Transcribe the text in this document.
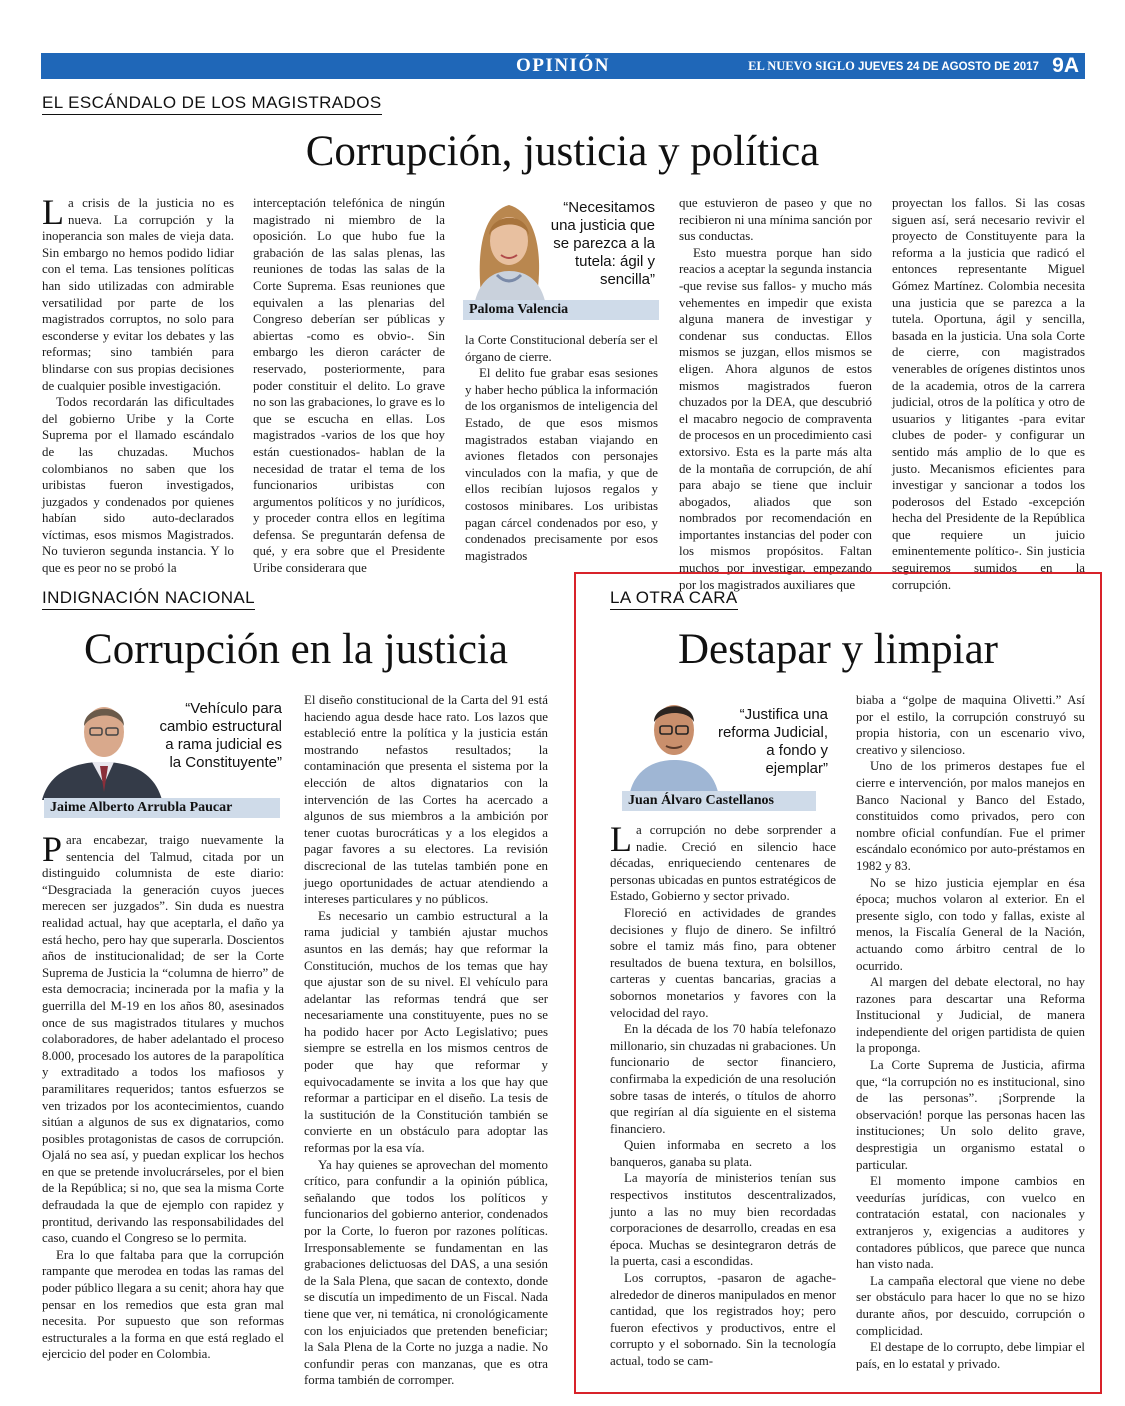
OPINIÓN	EL NUEVO SIGLO JUEVES 24 DE AGOSTO DE 2017 9A
EL ESCÁNDALO DE LOS MAGISTRADOS
Corrupción, justicia y política

La crisis de la justicia no es nueva. La corrupción y la inoperancia son males de vieja data. Sin embargo no hemos podido lidiar con el tema. Las tensiones políticas han sido utilizadas con admirable versatilidad por parte de los magistrados corruptos, no solo para esconderse y evitar los debates y las reformas; sino también para blindarse con sus propias decisiones de cualquier posible investigación.

Todos recordarán las dificultades del gobierno Uribe y la Corte Suprema por el llamado escándalo de las chuzadas. Muchos colombianos no saben que los uribistas fueron investigados, juzgados y condenados por quienes habían sido auto-declarados víctimas, esos mismos Magistrados. No tuvieron segunda instancia. Y lo que es peor no se probó la

interceptación telefónica de ningún magistrado ni miembro de la oposición. Lo que hubo fue la grabación de las salas plenas, las reuniones de todas las salas de la Corte Suprema. Esas reuniones que equivalen a las plenarias del Congreso deberían ser públicas y abiertas -como es obvio-. Sin embargo les dieron carácter de reservado, posteriormente, para poder constituir el delito. Lo grave no son las grabaciones, lo grave es lo que se escucha en ellas. Los magistrados -varios de los que hoy están cuestionados- hablan de la necesidad de tratar el tema de los funcionarios uribistas con argumentos políticos y no jurídicos, y proceder contra ellos en legítima defensa. Se preguntarán defensa de qué, y era sobre que el Presidente Uribe considerara que

“Necesitamos una justicia que se parezca a la tutela: ágil y sencilla”
Paloma Valencia

la Corte Constitucional debería ser el órgano de cierre.

El delito fue grabar esas sesiones y haber hecho pública la información de los organismos de inteligencia del Estado, de que esos mismos magistrados estaban viajando en aviones fletados con personajes vinculados con la mafia, y que de ellos recibían lujosos regalos y costosos minibares. Los uribistas pagan cárcel condenados por eso, y condenados precisamente por esos magistrados

que estuvieron de paseo y que no recibieron ni una mínima sanción por sus conductas.

Esto muestra porque han sido reacios a aceptar la segunda instancia -que revise sus fallos- y mucho más vehementes en impedir que exista alguna manera de investigar y condenar sus conductas. Ellos mismos se juzgan, ellos mismos se eligen. Ahora algunos de estos mismos magistrados fueron chuzados por la DEA, que descubrió el macabro negocio de compraventa de procesos en un procedimiento casi extorsivo. Esta es la parte más alta de la montaña de corrupción, de ahí para abajo se tiene que incluir abogados, aliados que son nombrados por recomendación en importantes instancias del poder con los mismos propósitos. Faltan muchos por investigar, empezando por los magistrados auxiliares que

proyectan los fallos. Si las cosas siguen así, será necesario revivir el proyecto de Constituyente para la reforma a la justicia que radicó el entonces representante Miguel Gómez Martínez. Colombia necesita una justicia que se parezca a la tutela. Oportuna, ágil y sencilla, basada en la justicia. Una sola Corte de cierre, con magistrados venerables de orígenes distintos unos de la academia, otros de la carrera judicial, otros de la política y otro de usuarios y litigantes -para evitar clubes de poder- y configurar un sentido más amplio de lo que es justo. Mecanismos eficientes para investigar y sancionar a todos los poderosos del Estado -excepción hecha del Presidente de la República que requiere un juicio eminentemente político-. Sin justicia seguiremos sumidos en la corrupción.

INDIGNACIÓN NACIONAL
Corrupción en la justicia
“Vehículo para cambio estructural a rama judicial es la Constituyente”
Jaime Alberto Arrubla Paucar

Para encabezar, traigo nuevamente la sentencia del Talmud, citada por un distinguido columnista de este diario: “Desgraciada la generación cuyos jueces merecen ser juzgados”. Sin duda es nuestra realidad actual, hay que aceptarla, el daño ya está hecho, pero hay que superarla. Doscientos años de institucionalidad; de ser la Corte Suprema de Justicia la “columna de hierro” de esta democracia; incinerada por la mafia y la guerrilla del M-19 en los años 80, asesinados once de sus magistrados titulares y muchos colaboradores, de haber adelantado el proceso 8.000, procesado los autores de la parapolítica y extraditado a todos los mafiosos y paramilitares requeridos; tantos esfuerzos se ven trizados por los acontecimientos, cuando sitúan a algunos de sus ex dignatarios, como posibles protagonistas de casos de corrupción. Ojalá no sea así, y puedan explicar los hechos en que se pretende involucrárseles, por el bien de la República; si no, que sea la misma Corte defraudada la que de ejemplo con rapidez y prontitud, derivando las responsabilidades del caso, cuando el Congreso se lo permita.

Era lo que faltaba para que la corrupción rampante que merodea en todas las ramas del poder público llegara a su cenit; ahora hay que pensar en los remedios que esta gran mal necesita. Por supuesto que son reformas estructurales a la forma en que está reglado el ejercicio del poder en Colombia.

El diseño constitucional de la Carta del 91 está haciendo agua desde hace rato. Los lazos que estableció entre la política y la justicia están mostrando nefastos resultados; la contaminación que presenta el sistema por la elección de altos dignatarios con la intervención de las Cortes ha acercado a algunos de sus miembros a la ambición por tener cuotas burocráticas y a los elegidos a pagar favores a su electores. La revisión discrecional de las tutelas también pone en juego oportunidades de actuar atendiendo a intereses particulares y no públicos.

Es necesario un cambio estructural a la rama judicial y también ajustar muchos asuntos en las demás; hay que reformar la Constitución, muchos de los temas que hay que ajustar son de su nivel. El vehículo para adelantar las reformas tendrá que ser necesariamente una constituyente, pues no se ha podido hacer por Acto Legislativo; pues siempre se estrella en los mismos centros de poder que hay que reformar y equivocadamente se invita a los que hay que reformar a participar en el diseño. La tesis de la sustitución de la Constitución también se convierte en un obstáculo para adoptar las reformas por la esa vía.

Ya hay quienes se aprovechan del momento crítico, para confundir a la opinión pública, señalando que todos los políticos y funcionarios del gobierno anterior, condenados por la Corte, lo fueron por razones políticas. Irresponsablemente se fundamentan en las grabaciones delictuosas del DAS, a una sesión de la Sala Plena, que sacan de contexto, donde se discutía un impedimento de un Fiscal. Nada tiene que ver, ni temática, ni cronológicamente con los enjuiciados que pretenden beneficiar; la Sala Plena de la Corte no juzga a nadie. No confundir peras con manzanas, que es otra forma también de corromper.

LA OTRA CARA
Destapar y limpiar
“Justifica una reforma Judicial, a fondo y ejemplar”
Juan Álvaro Castellanos

La corrupción no debe sorprender a nadie. Creció en silencio hace décadas, enriqueciendo centenares de personas ubicadas en puntos estratégicos de Estado, Gobierno y sector privado.

Floreció en actividades de grandes decisiones y flujo de dinero. Se infiltró sobre el tamiz más fino, para obtener resultados de buena textura, en bolsillos, carteras y cuentas bancarias, gracias a sobornos monetarios y favores con la velocidad del rayo.

En la década de los 70 había telefonazo millonario, sin chuzadas ni grabaciones. Un funcionario de sector financiero, confirmaba la expedición de una resolución sobre tasas de interés, o títulos de ahorro que regirían al día siguiente en el sistema financiero.

Quien informaba en secreto a los banqueros, ganaba su plata.

La mayoría de ministerios tenían sus respectivos institutos descentralizados, junto a las no muy bien recordadas corporaciones de desarrollo, creadas en esa época. Muchas se desintegraron detrás de la puerta, casi a escondidas.

Los corruptos, -pasaron de agache- alrededor de dineros manipulados en menor cantidad, que los registrados hoy; pero fueron efectivos y productivos, entre el corrupto y el sobornado. Sin la tecnología actual, todo se cam-

biaba a “golpe de maquina Olivetti.” Así por el estilo, la corrupción construyó su propia historia, con un escenario vivo, creativo y silencioso.

Uno de los primeros destapes fue el cierre e intervención, por malos manejos en Banco Nacional y Banco del Estado, constituidos como privados, pero con nombre oficial confundían. Fue el primer escándalo económico por auto-préstamos en 1982 y 83.

No se hizo justicia ejemplar en ésa época; muchos volaron al exterior. En el presente siglo, con todo y fallas, existe al menos, la Fiscalía General de la Nación, actuando como árbitro central de lo ocurrido.

Al margen del debate electoral, no hay razones para descartar una Reforma Institucional y Judicial, de manera independiente del origen partidista de quien la proponga.

La Corte Suprema de Justicia, afirma que, “la corrupción no es institucional, sino de las personas”. ¡Sorprende la observación! porque las personas hacen las instituciones; Un solo delito grave, desprestigia un organismo estatal o particular.

El momento impone cambios en veedurías jurídicas, con vuelco en contratación estatal, con nacionales y extranjeros y, exigencias a auditores y contadores públicos, que parece que nunca han visto nada.

La campaña electoral que viene no debe ser obstáculo para hacer lo que no se hizo durante años, por descuido, corrupción o complicidad.

El destape de lo corrupto, debe limpiar el país, en lo estatal y privado.
